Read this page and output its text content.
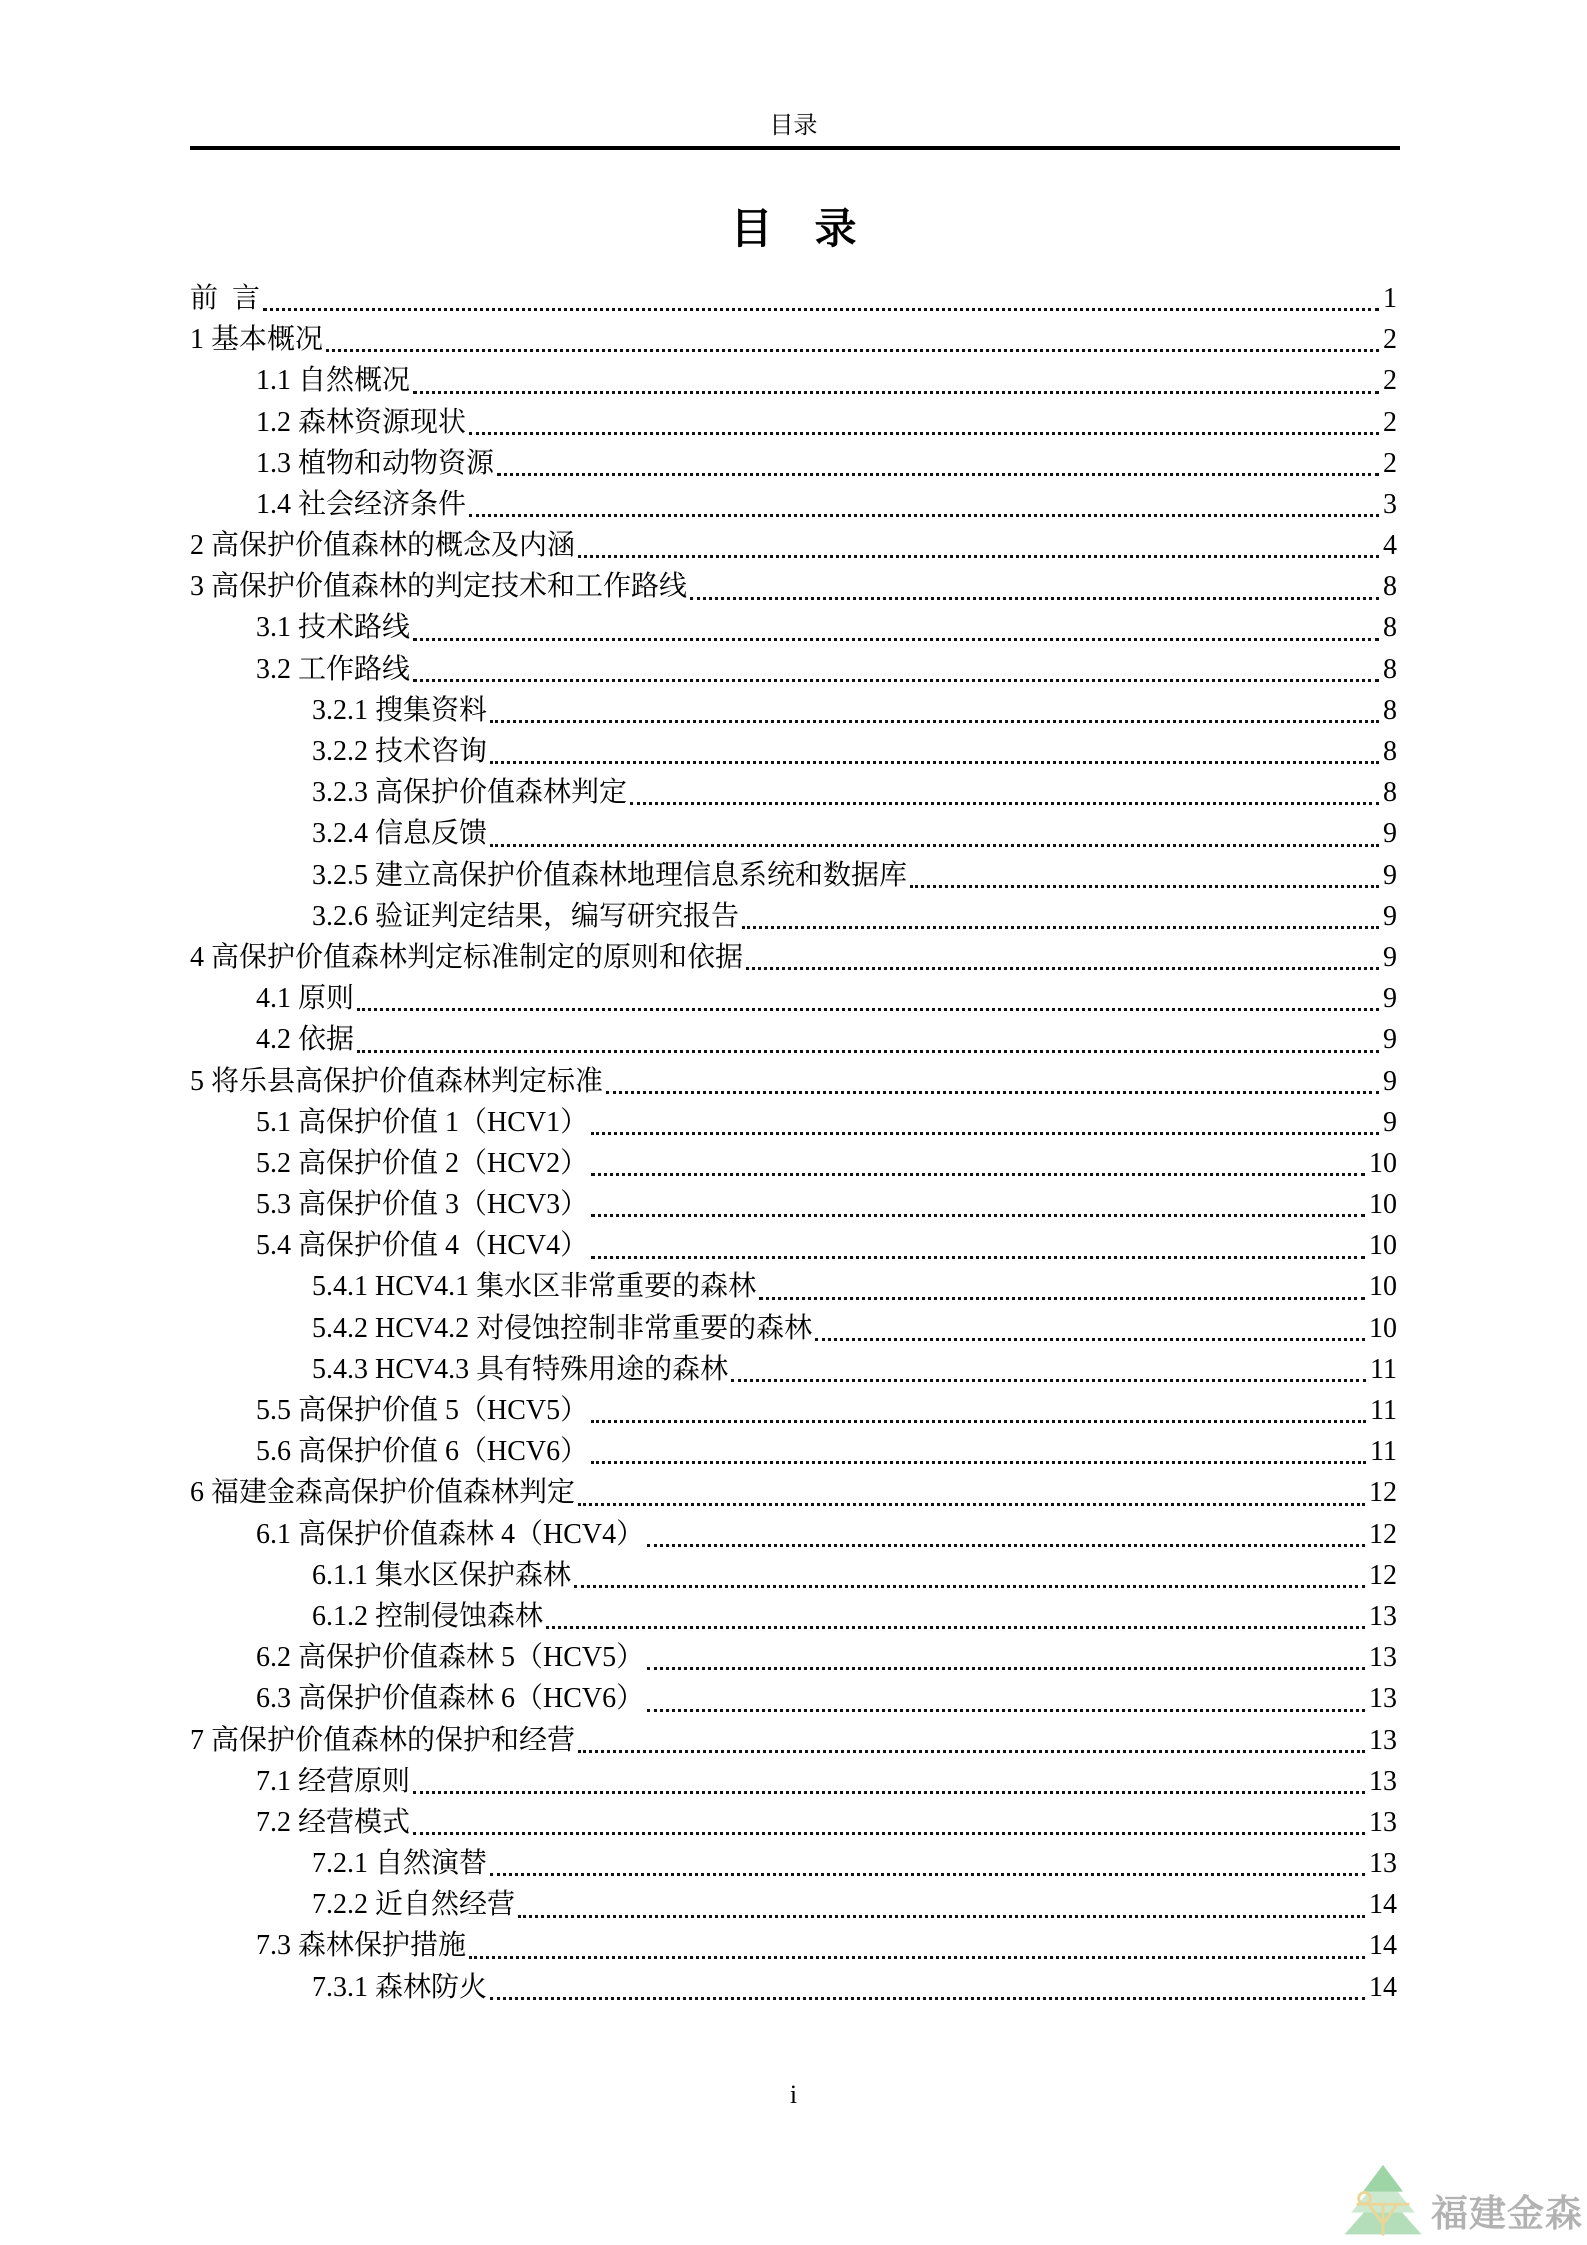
目录
目    录
前  言	1
1 基本概况	2
1.1 自然概况	2
1.2 森林资源现状	2
1.3 植物和动物资源	2
1.4 社会经济条件	3
2 高保护价值森林的概念及内涵	4
3 高保护价值森林的判定技术和工作路线	8
3.1 技术路线	8
3.2 工作路线	8
3.2.1 搜集资料	8
3.2.2 技术咨询	8
3.2.3 高保护价值森林判定	8
3.2.4 信息反馈	9
3.2.5 建立高保护价值森林地理信息系统和数据库	9
3.2.6 验证判定结果，编写研究报告	9
4 高保护价值森林判定标准制定的原则和依据	9
4.1 原则	9
4.2 依据	9
5 将乐县高保护价值森林判定标准	9
5.1 高保护价值 1（HCV1）	9
5.2 高保护价值 2（HCV2）	10
5.3 高保护价值 3（HCV3）	10
5.4 高保护价值 4（HCV4）	10
5.4.1 HCV4.1 集水区非常重要的森林	10
5.4.2 HCV4.2 对侵蚀控制非常重要的森林	10
5.4.3 HCV4.3 具有特殊用途的森林	11
5.5 高保护价值 5（HCV5）	11
5.6 高保护价值 6（HCV6）	11
6 福建金森高保护价值森林判定	12
6.1 高保护价值森林 4（HCV4）	12
6.1.1 集水区保护森林	12
6.1.2 控制侵蚀森林	13
6.2 高保护价值森林 5（HCV5）	13
6.3 高保护价值森林 6（HCV6）	13
7 高保护价值森林的保护和经营	13
7.1 经营原则	13
7.2 经营模式	13
7.2.1 自然演替	13
7.2.2 近自然经营	14
7.3 森林保护措施	14
7.3.1 森林防火	14
i
福建金森
